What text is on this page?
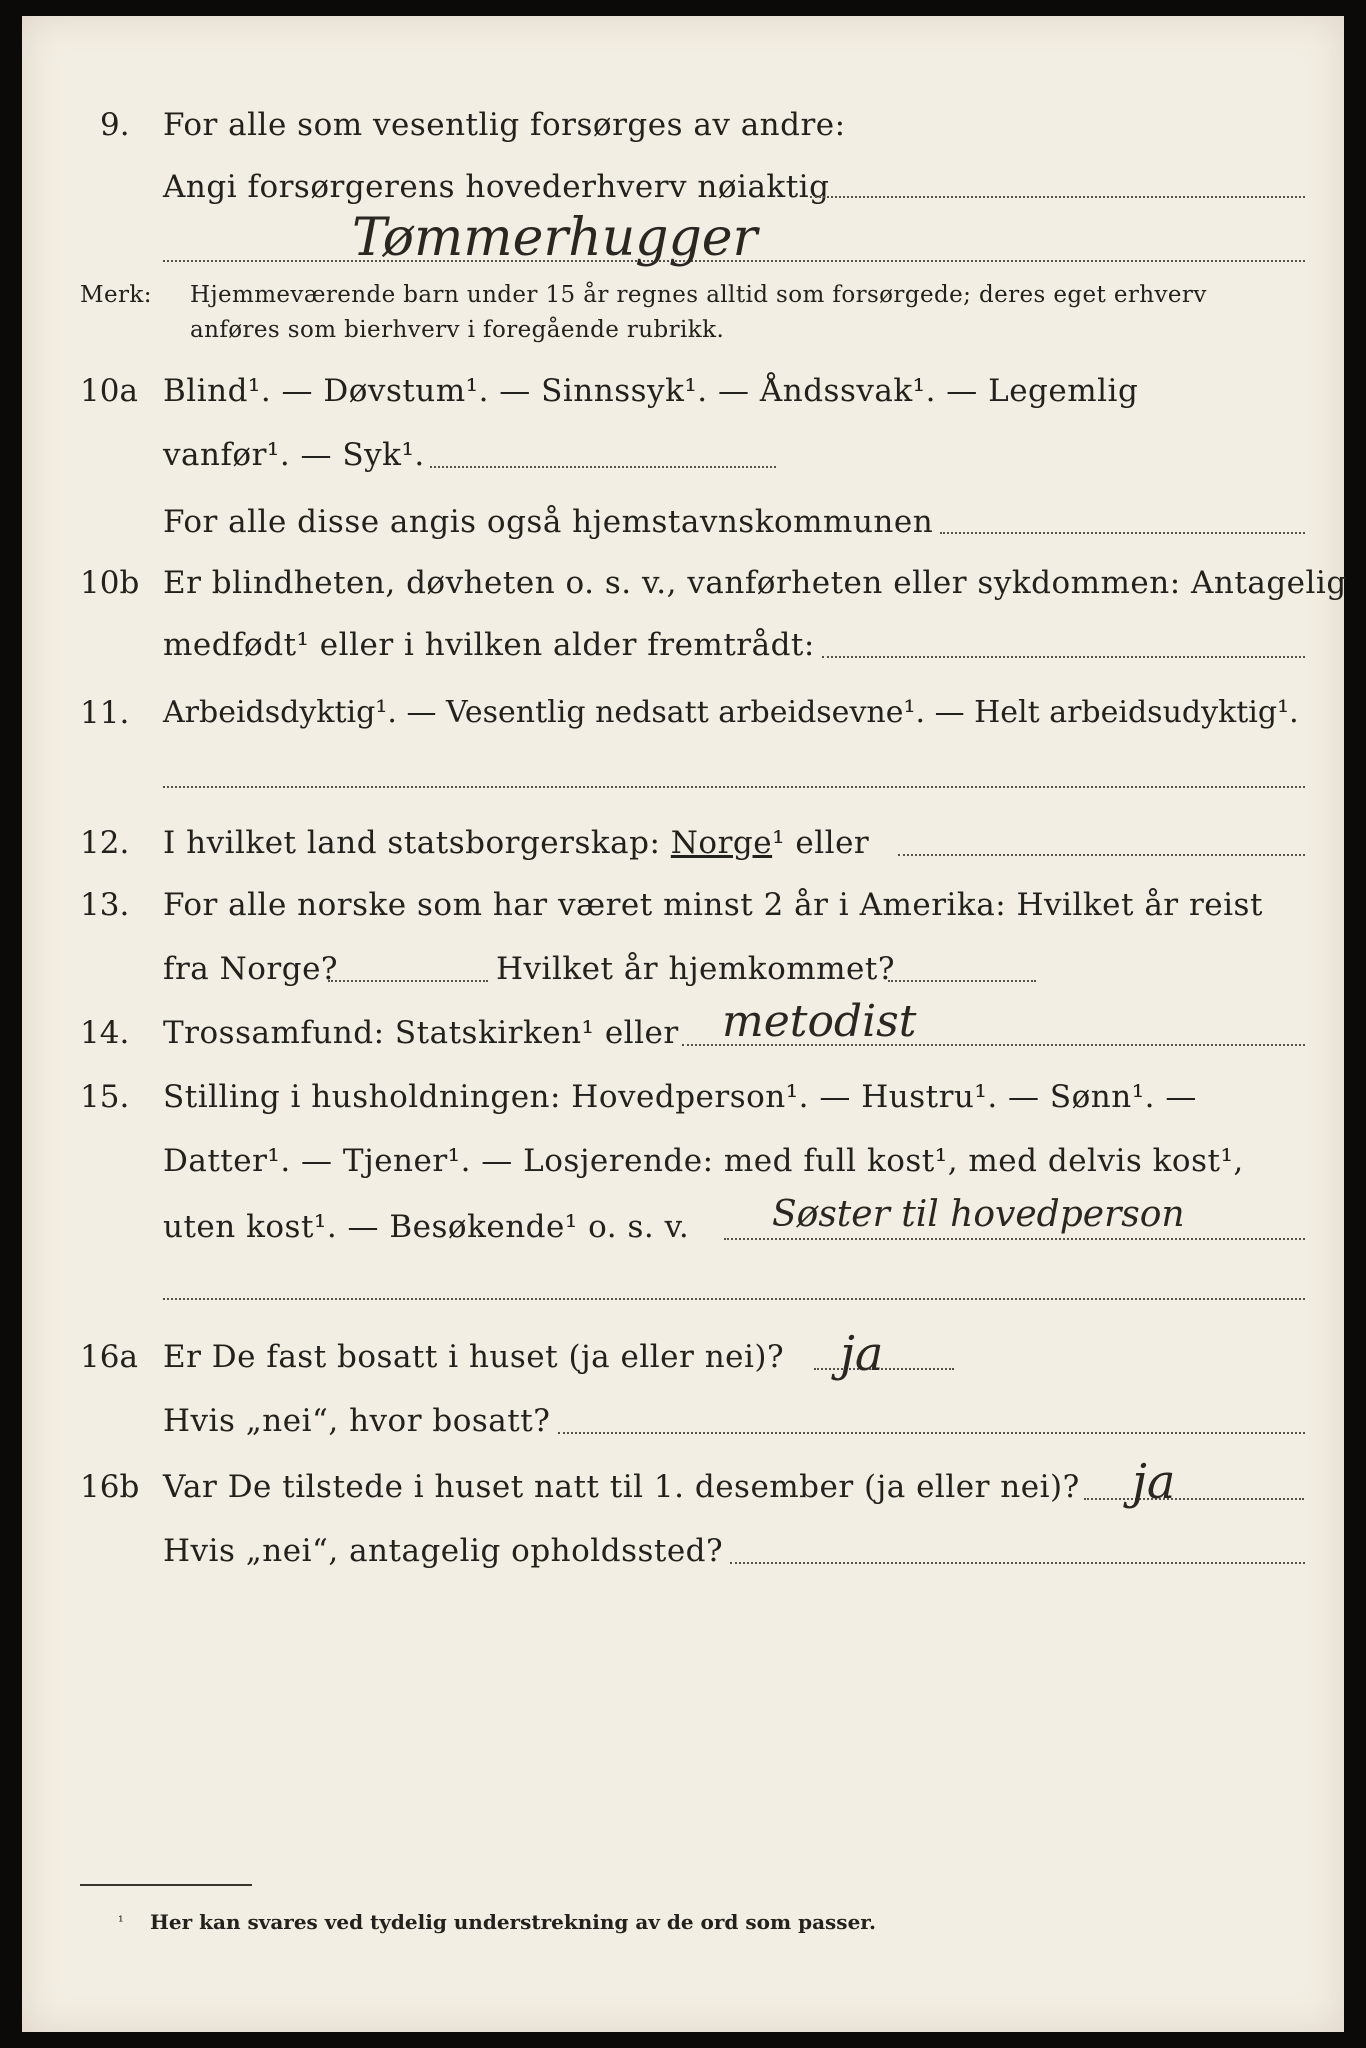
9. For alle som vesentlig forsørges av andre:
Angi forsørgerens hovederhverv nøiaktig
Tømmerhugger
Merk: Hjemmeværende barn under 15 år regnes alltid som forsørgede; deres eget erhverv
anføres som bierhverv i foregående rubrikk.
10a Blind¹. — Døvstum¹. — Sinnssyk¹. — Åndssvak¹. — Legemlig
vanfør¹. — Syk¹.
For alle disse angis også hjemstavnskommunen
10b Er blindheten, døvheten o. s. v., vanførheten eller sykdommen: Antagelig
medfødt¹ eller i hvilken alder fremtrådt:
11. Arbeidsdyktig¹. — Vesentlig nedsatt arbeidsevne¹. — Helt arbeidsudyktig¹.
12. I hvilket land statsborgerskap: Norge¹ eller
13. For alle norske som har været minst 2 år i Amerika: Hvilket år reist
fra Norge?	Hvilket år hjemkommet?
14. Trossamfund: Statskirken¹ eller metodist
15. Stilling i husholdningen: Hovedperson¹. — Hustru¹. — Sønn¹. —
Datter¹. — Tjener¹. — Losjerende: med full kost¹, med delvis kost¹,
uten kost¹. — Besøkende¹ o. s. v. Søster til hovedperson
16a Er De fast bosatt i huset (ja eller nei)? ja
Hvis „nei“, hvor bosatt?
16b Var De tilstede i huset natt til 1. desember (ja eller nei)? ja
Hvis „nei“, antagelig opholdssted?
¹ Her kan svares ved tydelig understrekning av de ord som passer.
